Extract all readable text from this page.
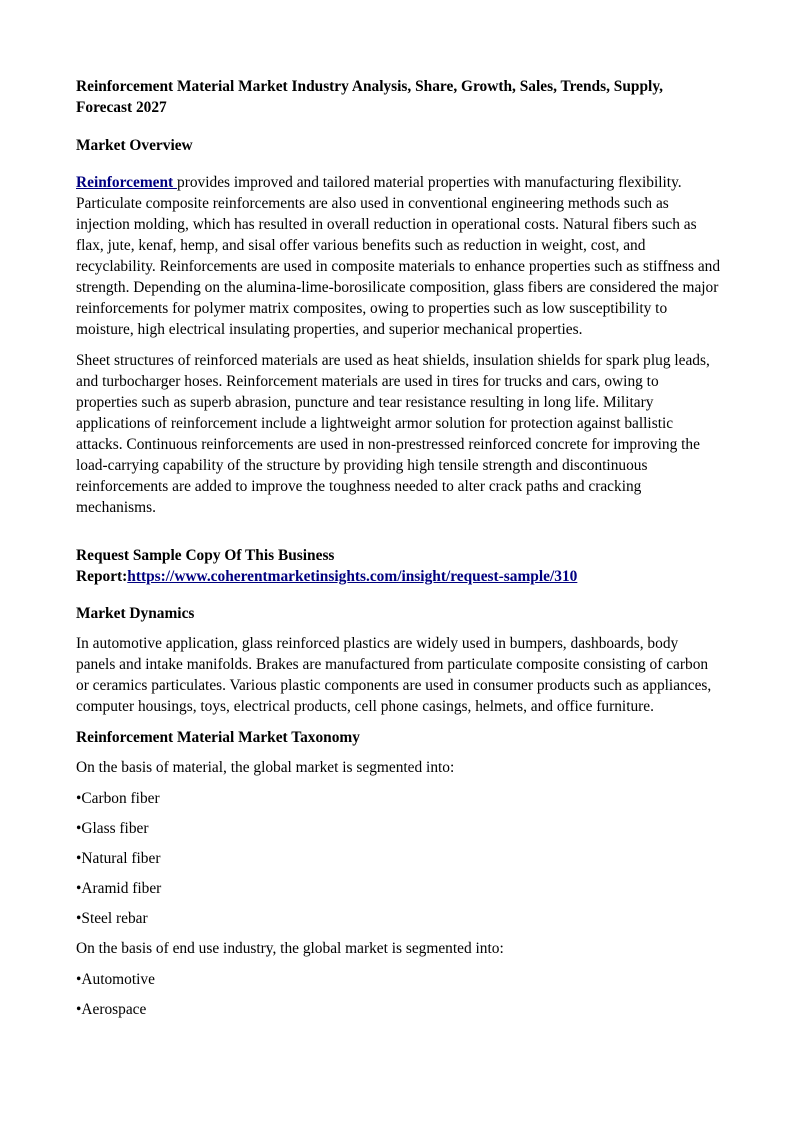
Reinforcement Material Market Industry Analysis, Share, Growth, Sales, Trends, Supply, Forecast 2027
Market Overview

Reinforcement provides improved and tailored material properties with manufacturing flexibility. Particulate composite reinforcements are also used in conventional engineering methods such as injection molding, which has resulted in overall reduction in operational costs. Natural fibers such as flax, jute, kenaf, hemp, and sisal offer various benefits such as reduction in weight, cost, and recyclability. Reinforcements are used in composite materials to enhance properties such as stiffness and strength. Depending on the alumina-lime-borosilicate composition, glass fibers are considered the major reinforcements for polymer matrix composites, owing to properties such as low susceptibility to moisture, high electrical insulating properties, and superior mechanical properties.

Sheet structures of reinforced materials are used as heat shields, insulation shields for spark plug leads, and turbocharger hoses. Reinforcement materials are used in tires for trucks and cars, owing to properties such as superb abrasion, puncture and tear resistance resulting in long life. Military applications of reinforcement include a lightweight armor solution for protection against ballistic attacks. Continuous reinforcements are used in non-prestressed reinforced concrete for improving the load-carrying capability of the structure by providing high tensile strength and discontinuous reinforcements are added to improve the toughness needed to alter crack paths and cracking mechanisms.

Request Sample Copy Of This Business Report:https://www.coherentmarketinsights.com/insight/request-sample/310
Market Dynamics

In automotive application, glass reinforced plastics are widely used in bumpers, dashboards, body panels and intake manifolds. Brakes are manufactured from particulate composite consisting of carbon or ceramics particulates. Various plastic components are used in consumer products such as appliances, computer housings, toys, electrical products, cell phone casings, helmets, and office furniture.

Reinforcement Material Market Taxonomy

On the basis of material, the global market is segmented into:

•Carbon fiber
•Glass fiber
•Natural fiber
•Aramid fiber
•Steel rebar

On the basis of end use industry, the global market is segmented into:

•Automotive
•Aerospace
